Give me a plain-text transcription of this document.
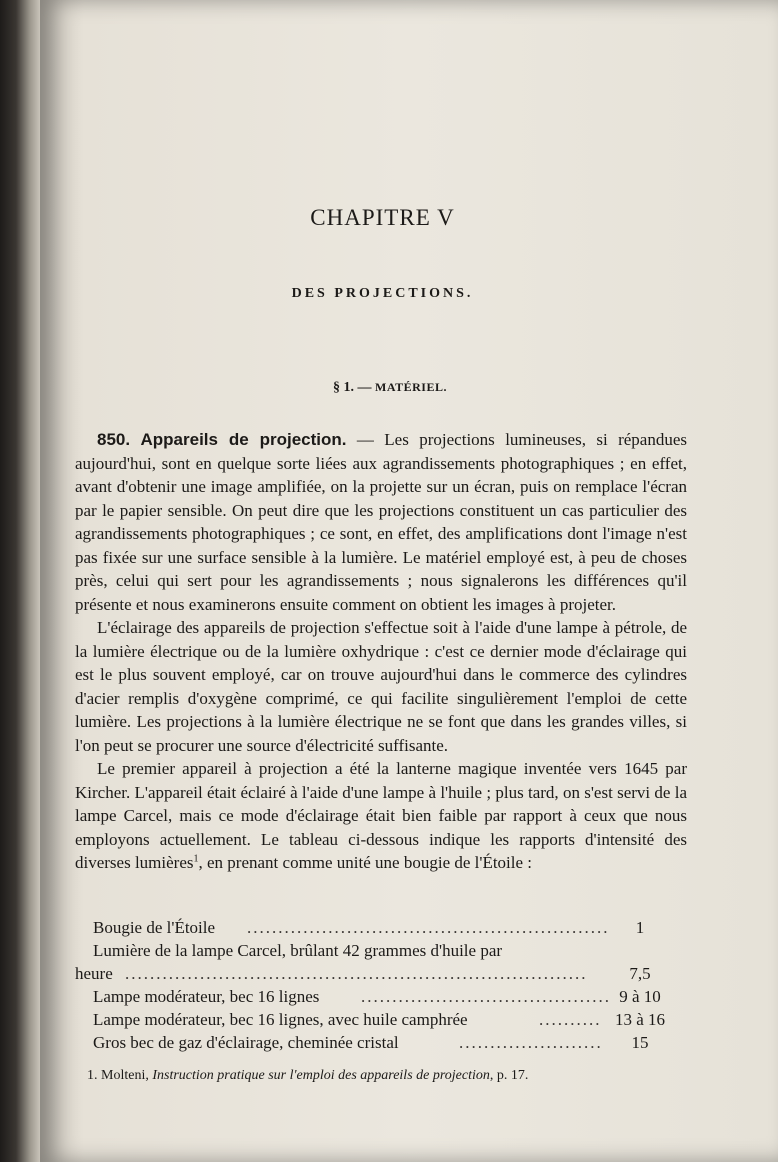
CHAPITRE V
DES PROJECTIONS.
§ 1. — MATÉRIEL.

850. Appareils de projection. — Les projections lumineuses, si répandues aujourd'hui, sont en quelque sorte liées aux agrandissements photographiques ; en effet, avant d'obtenir une image amplifiée, on la projette sur un écran, puis on remplace l'écran par le papier sensible. On peut dire que les projections constituent un cas particulier des agrandissements photographiques ; ce sont, en effet, des amplifications dont l'image n'est pas fixée sur une surface sensible à la lumière. Le matériel employé est, à peu de choses près, celui qui sert pour les agrandissements ; nous signalerons les différences qu'il présente et nous examinerons ensuite comment on obtient les images à projeter.

L'éclairage des appareils de projection s'effectue soit à l'aide d'une lampe à pétrole, de la lumière électrique ou de la lumière oxhydrique : c'est ce dernier mode d'éclairage qui est le plus souvent employé, car on trouve aujourd'hui dans le commerce des cylindres d'acier remplis d'oxygène comprimé, ce qui facilite singulièrement l'emploi de cette lumière. Les projections à la lumière électrique ne se font que dans les grandes villes, si l'on peut se procurer une source d'électricité suffisante.

Le premier appareil à projection a été la lanterne magique inventée vers 1645 par Kircher. L'appareil était éclairé à l'aide d'une lampe à l'huile ; plus tard, on s'est servi de la lampe Carcel, mais ce mode d'éclairage était bien faible par rapport à ceux que nous employons actuellement. Le tableau ci-dessous indique les rapports d'intensité des diverses lumières$^1$, en prenant comme unité une bougie de l'Étoile :

Bougie de l'Étoile ..........................................................	1
Lumière de la lampe Carcel, brûlant 42 grammes d'huile par
heure ..........................................................................	7,5
Lampe modérateur, bec 16 lignes ........................................ 9 à 10
Lampe modérateur, bec 16 lignes, avec huile camphrée	.......... 13 à 16
Gros bec de gaz d'éclairage, cheminée cristal	.......................	15

1. Molteni, Instruction pratique sur l'emploi des appareils de projection, p. 17.
